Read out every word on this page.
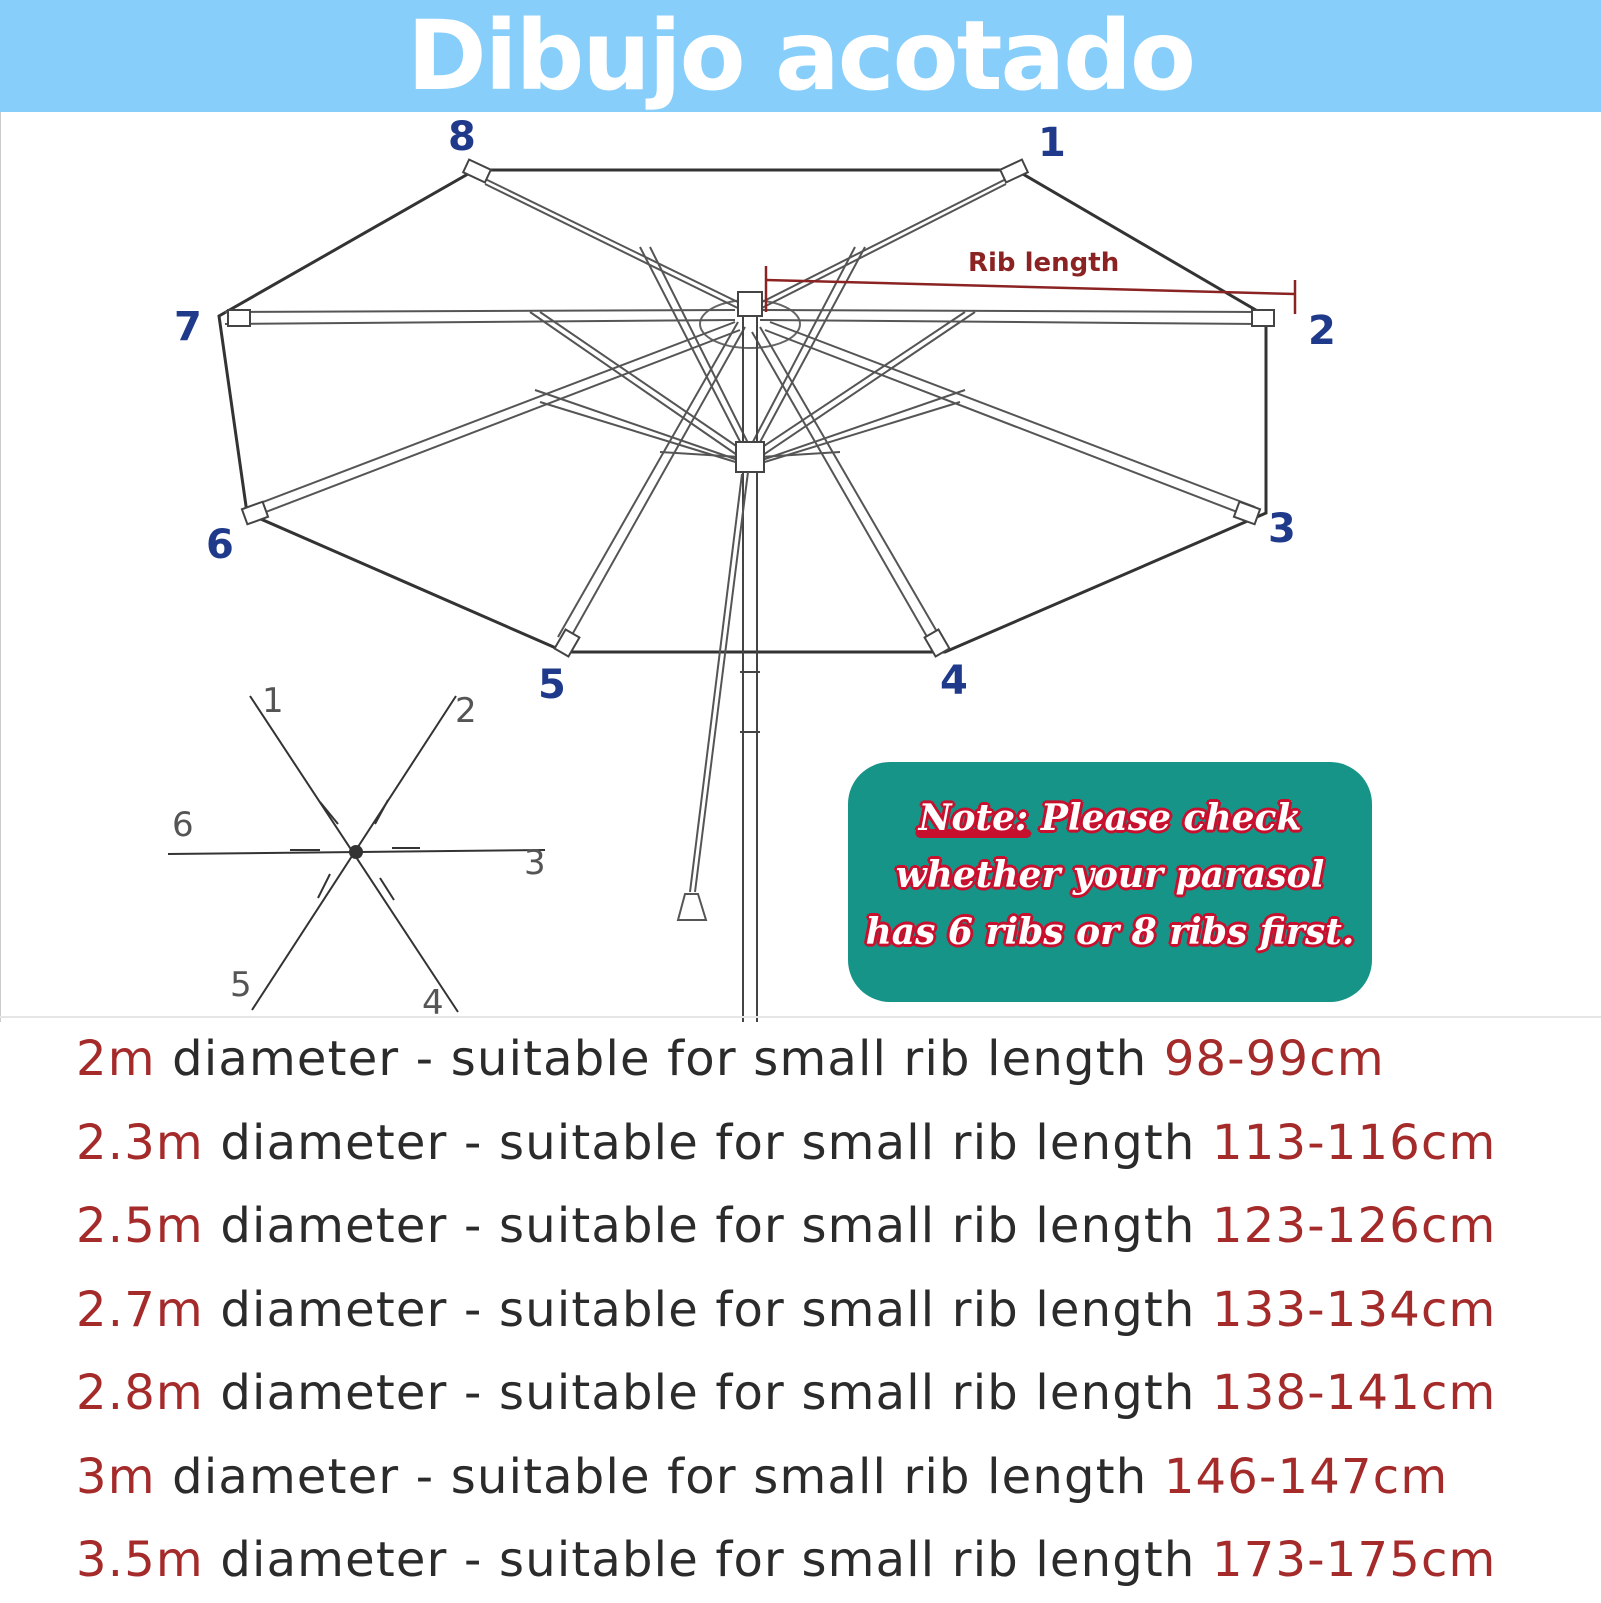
Dibujo acotado
Rib length
1
2
3
4
5
6
7
8
1	2
3
4
5
6	Note: Please check
whether your parasol
has 6 ribs or 8 ribs first.
2m diameter - suitable for small rib length 98-99cm
2.3m diameter - suitable for small rib length 113-116cm
2.5m diameter - suitable for small rib length 123-126cm
2.7m diameter - suitable for small rib length 133-134cm
2.8m diameter - suitable for small rib length 138-141cm
3m diameter - suitable for small rib length 146-147cm
3.5m diameter - suitable for small rib length 173-175cm
